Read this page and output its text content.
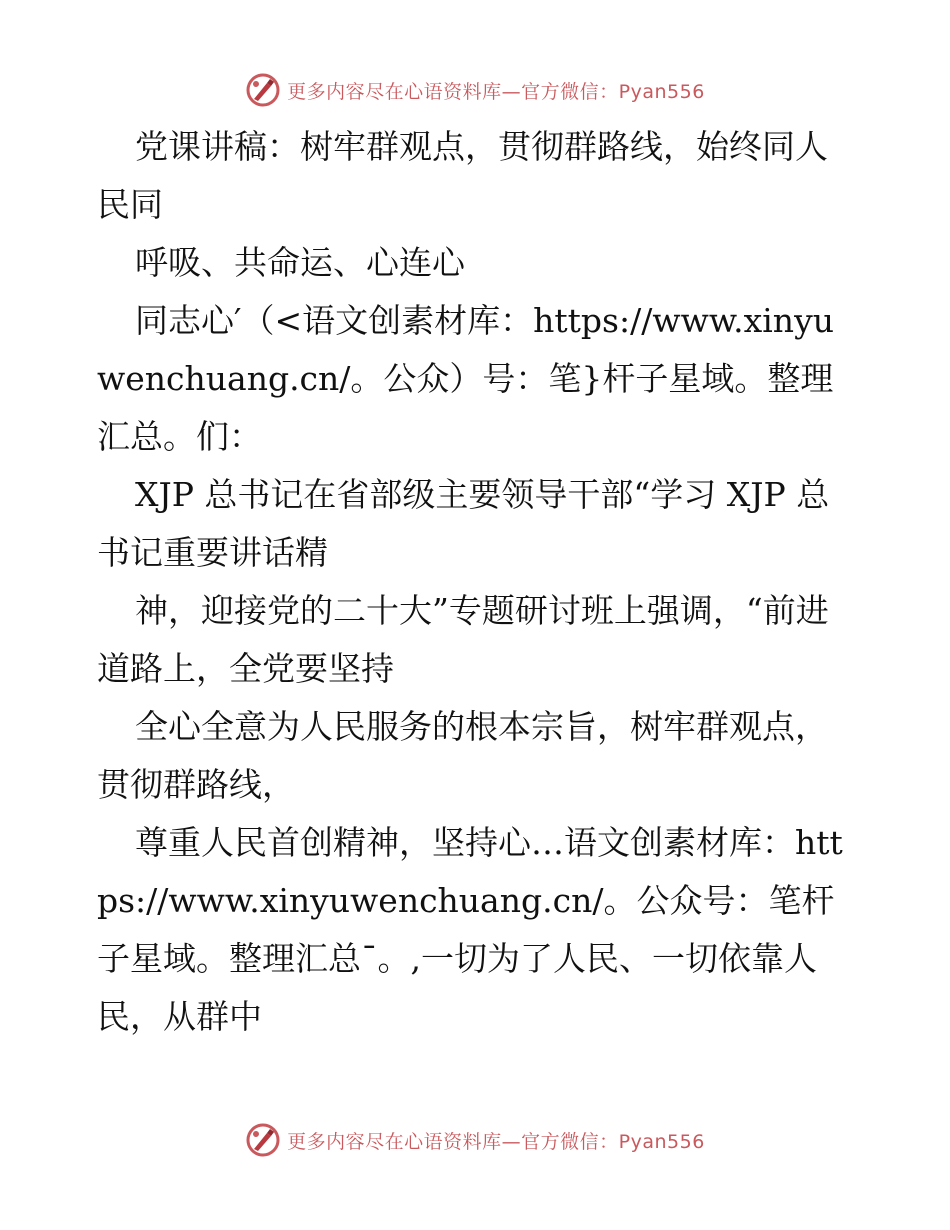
更多内容尽在心语资料库—官方微信：Pyan556

党课讲稿：树牢群观点，贯彻群路线，始终同人民同

呼吸、共命运、心连心

同志心′（<语文创素材库：https://www.xinyuwenchuang.cn/。公众）号：笔}杆子星域。整理汇总。们：

XJP 总书记在省部级主要领导干部“学习 XJP 总书记重要讲话精

神，迎接党的二十大”专题研讨班上强调，“前进道路上，全党要坚持

全心全意为人民服务的根本宗旨，树牢群观点，贯彻群路线，

尊重人民首创精神，坚持心…语文创素材库：https://www.xinyuwenchuang.cn/。公众号：笔杆子星域。整理汇总¯。,一切为了人民、一切依靠人民，从群中

更多内容尽在心语资料库—官方微信：Pyan556
